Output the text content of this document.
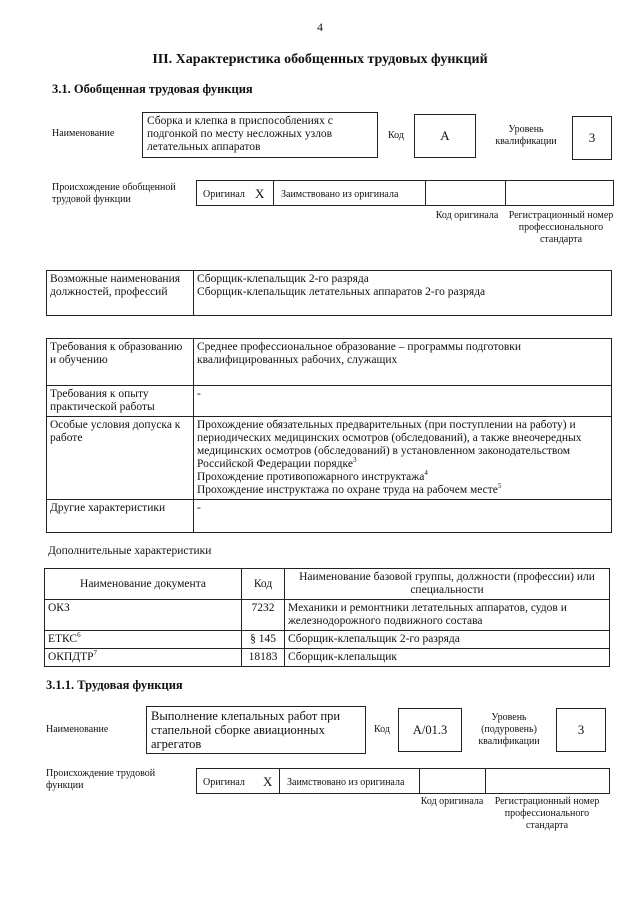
4
III. Характеристика обобщенных трудовых функций
3.1. Обобщенная трудовая функция
Наименование
Сборка и клепка в приспособлениях с подгонкой по месту несложных узлов летательных аппаратов
Код	А	Уровень квалификации	3
Происхождение обобщенной трудовой функции	Оригинал X Заимствовано из оригинала
Код оригинала	Регистрационный номер профессионального стандарта
Возможные наименования должностей, профессий	
Сборщик-клепальщик 2-го разряда
Сборщик-клепальщик летательных аппаратов 2-го разряда
Требования к образованию и обучению	Среднее профессиональное образование – программы подготовки квалифицированных рабочих, служащих
Требования к опыту практической работы	-
Особые условия допуска к работе	Прохождение обязательных предварительных (при поступлении на работу) и периодических медицинских осмотров (обследований), а также внеочередных медицинских осмотров (обследований) в установленном законодательством Российской Федерации порядке$^3$
Прохождение противопожарного инструктажа$^4$
Прохождение инструктажа по охране труда на рабочем месте$^5$
Другие характеристики	-
Дополнительные характеристики
Наименование документа	Код	Наименование базовой группы, должности (профессии) или специальности
ОКЗ	7232	Механики и ремонтники летательных аппаратов, судов и железнодорожного подвижного состава
ЕТКС$^6$	§ 145	Сборщик-клепальщик 2-го разряда
ОКПДТР$^7$	18183	Сборщик-клепальщик
3.1.1. Трудовая функция
Наименование
Выполнение клепальных работ при стапельной сборке авиационных агрегатов
Код А/01.3
Уровень (подуровень) квалификации
3
Происхождение трудовой функции	Оригинал X Заимствовано из оригинала
Код оригинала	Регистрационный номер профессионального стандарта
